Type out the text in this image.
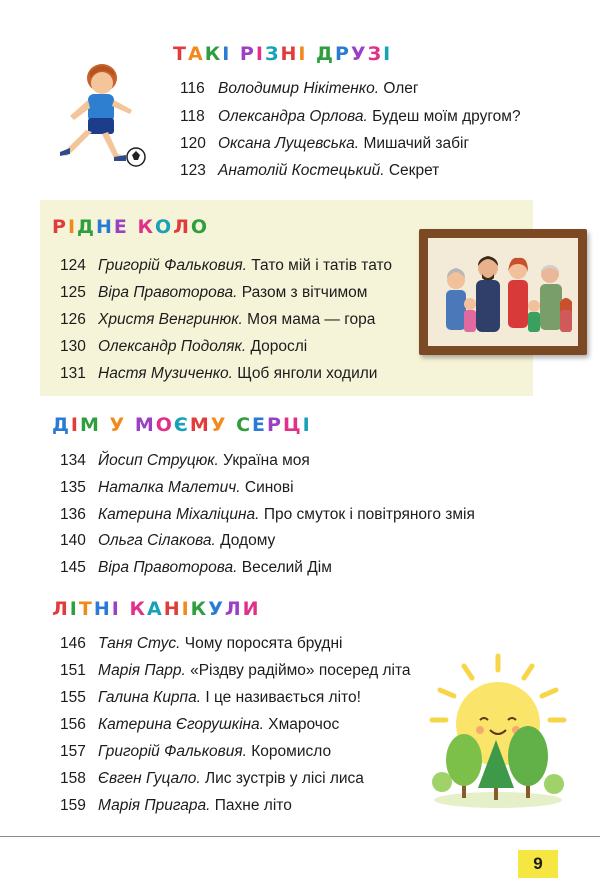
ТАКІ РІЗНІ ДРУЗІ
116 Володимир Нікітенко. Олег
118 Олександра Орлова. Будеш моїм другом?
120 Оксана Лущевська. Мишачий забіг
123 Анатолій Костецький. Секрет
РІДНЕ КОЛО
124 Григорій Фальковия. Тато мій і татів тато
125 Віра Правоторова. Разом з вітчимом
126 Христя Венгринюк. Моя мама — гора
130 Олександр Подоляк. Дорослі
131 Настя Музиченко. Щоб янголи ходили
ДІМ У МОЄМУ СЕРЦІ
134 Йосип Струцюк. Україна моя
135 Наталка Малетич. Синові
136 Катерина Міхаліцина. Про смуток і повітряного змія
140 Ольга Сілакова. Додому
145 Віра Правоторова. Веселий Дім
ЛІТНІ КАНІКУЛИ
146 Таня Стус. Чому поросята брудні
151 Марія Парр. «Різдву радіймо» посеред літа
155 Галина Кирпа. І це називається літо!
156 Катерина Єгорушкіна. Хмарочос
157 Григорій Фальковия. Коромисло
158 Євген Гуцало. Лис зустрів у лісі лиса
159 Марія Пригара. Пахне літо
9
